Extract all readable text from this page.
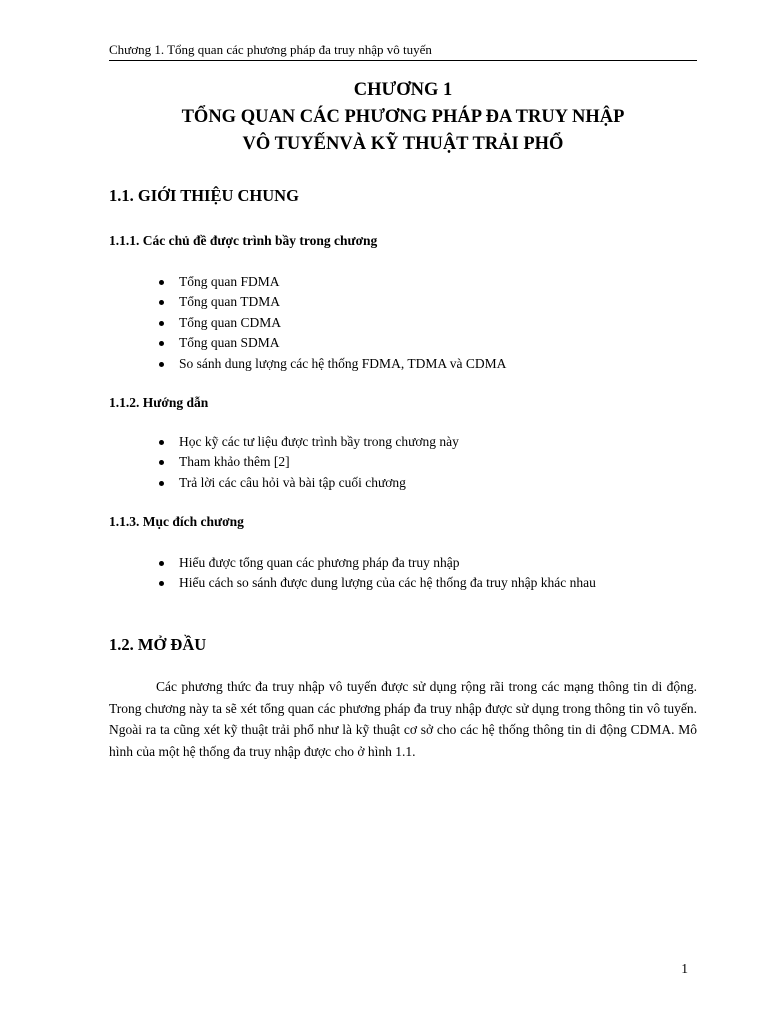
Chương 1. Tổng quan các phương pháp đa truy nhập vô tuyến
CHƯƠNG 1
TỔNG QUAN CÁC PHƯƠNG PHÁP ĐA TRUY NHẬP
VÔ TUYẾNVÀ KỸ THUẬT TRẢI PHỔ
1.1. GIỚI THIỆU CHUNG
1.1.1. Các chủ đề được trình bầy trong chương
Tổng quan FDMA
Tổng quan TDMA
Tổng quan CDMA
Tổng quan SDMA
So sánh dung lượng các hệ thống FDMA, TDMA và CDMA
1.1.2. Hướng dẫn
Học kỹ các tư liệu được trình bầy trong chương này
Tham khảo thêm [2]
Trả lời các câu hỏi và bài tập cuối chương
1.1.3. Mục đích chương
Hiểu được tổng quan các phương pháp đa truy nhập
Hiểu cách so sánh được dung lượng của các hệ thống đa truy nhập khác nhau
1.2. MỞ ĐẦU

Các phương thức đa truy nhập vô tuyến được sử dụng rộng rãi trong các mạng thông tin di động. Trong chương này ta sẽ xét tổng quan các phương pháp đa truy nhập được sử dụng trong thông tin vô tuyến. Ngoài ra ta cũng xét kỹ thuật trải phổ như là kỹ thuật cơ sở cho các hệ thống thông tin di động CDMA. Mô hình của một hệ thống đa truy nhập được cho ở hình 1.1.

1
